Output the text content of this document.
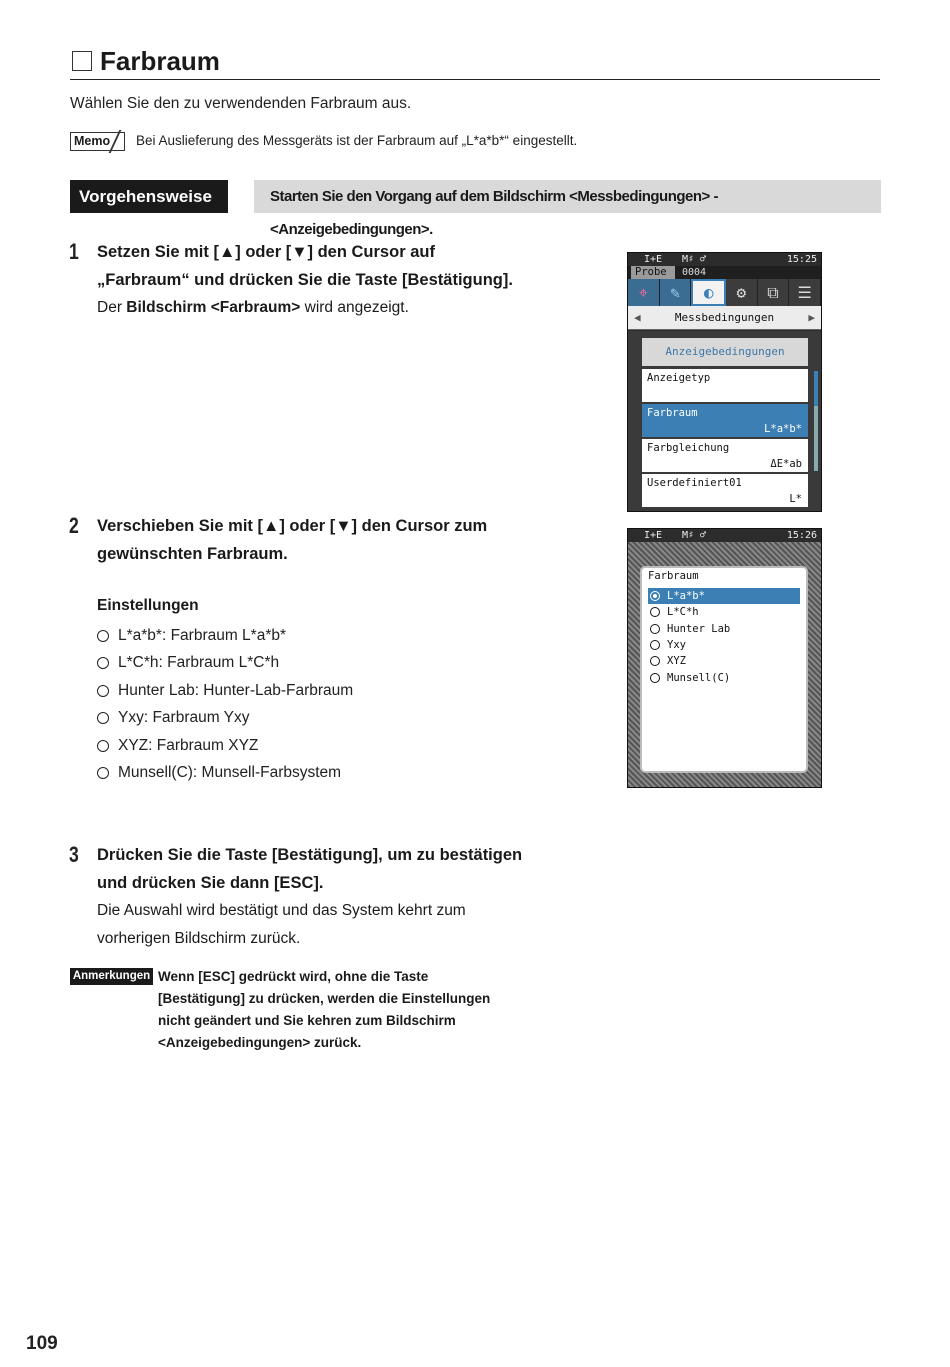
Farbraum
Wählen Sie den zu verwendenden Farbraum aus.
Memo	Bei Auslieferung des Messgeräts ist der Farbraum auf „L*a*b*“ eingestellt.
Vorgehensweise	Starten Sie den Vorgang auf dem Bildschirm <Messbedingungen> - <Anzeigebedingungen>.
1 Setzen Sie mit [▲] oder [▼] den Cursor auf
„Farbraum“ und drücken Sie die Taste [Bestätigung].
Der Bildschirm <Farbraum> wird angezeigt.
2 Verschieben Sie mit [▲] oder [▼] den Cursor zum
gewünschten Farbraum.
Einstellungen
L*a*b*: Farbraum L*a*b*
L*C*h: Farbraum L*C*h
Hunter Lab: Hunter-Lab-Farbraum
Yxy: Farbraum Yxy
XYZ: Farbraum XYZ
Munsell(C): Munsell-Farbsystem
3 Drücken Sie die Taste [Bestätigung], um zu bestätigen
und drücken Sie dann [ESC].
Die Auswahl wird bestätigt und das System kehrt zum
vorherigen Bildschirm zurück.
Anmerkungen Wenn [ESC] gedrückt wird, ohne die Taste [Bestätigung] zu drücken, werden die Einstellungen nicht geändert und Sie kehren zum Bildschirm <Anzeigebedingungen> zurück.
I+E M♯ ♂	15:25
Probe	0004
⌖	✎	◐	⚙	⧉	☰
◀	Messbedingungen	▶
Anzeigebedingungen
Anzeigetyp
Farbraum
L*a*b*
Farbgleichung
ΔE*ab
Userdefiniert01
L*
I+E M♯ ♂	15:26
Farbraum
L*a*b*
L*C*h
Hunter Lab
Yxy
XYZ
Munsell(C)
109
